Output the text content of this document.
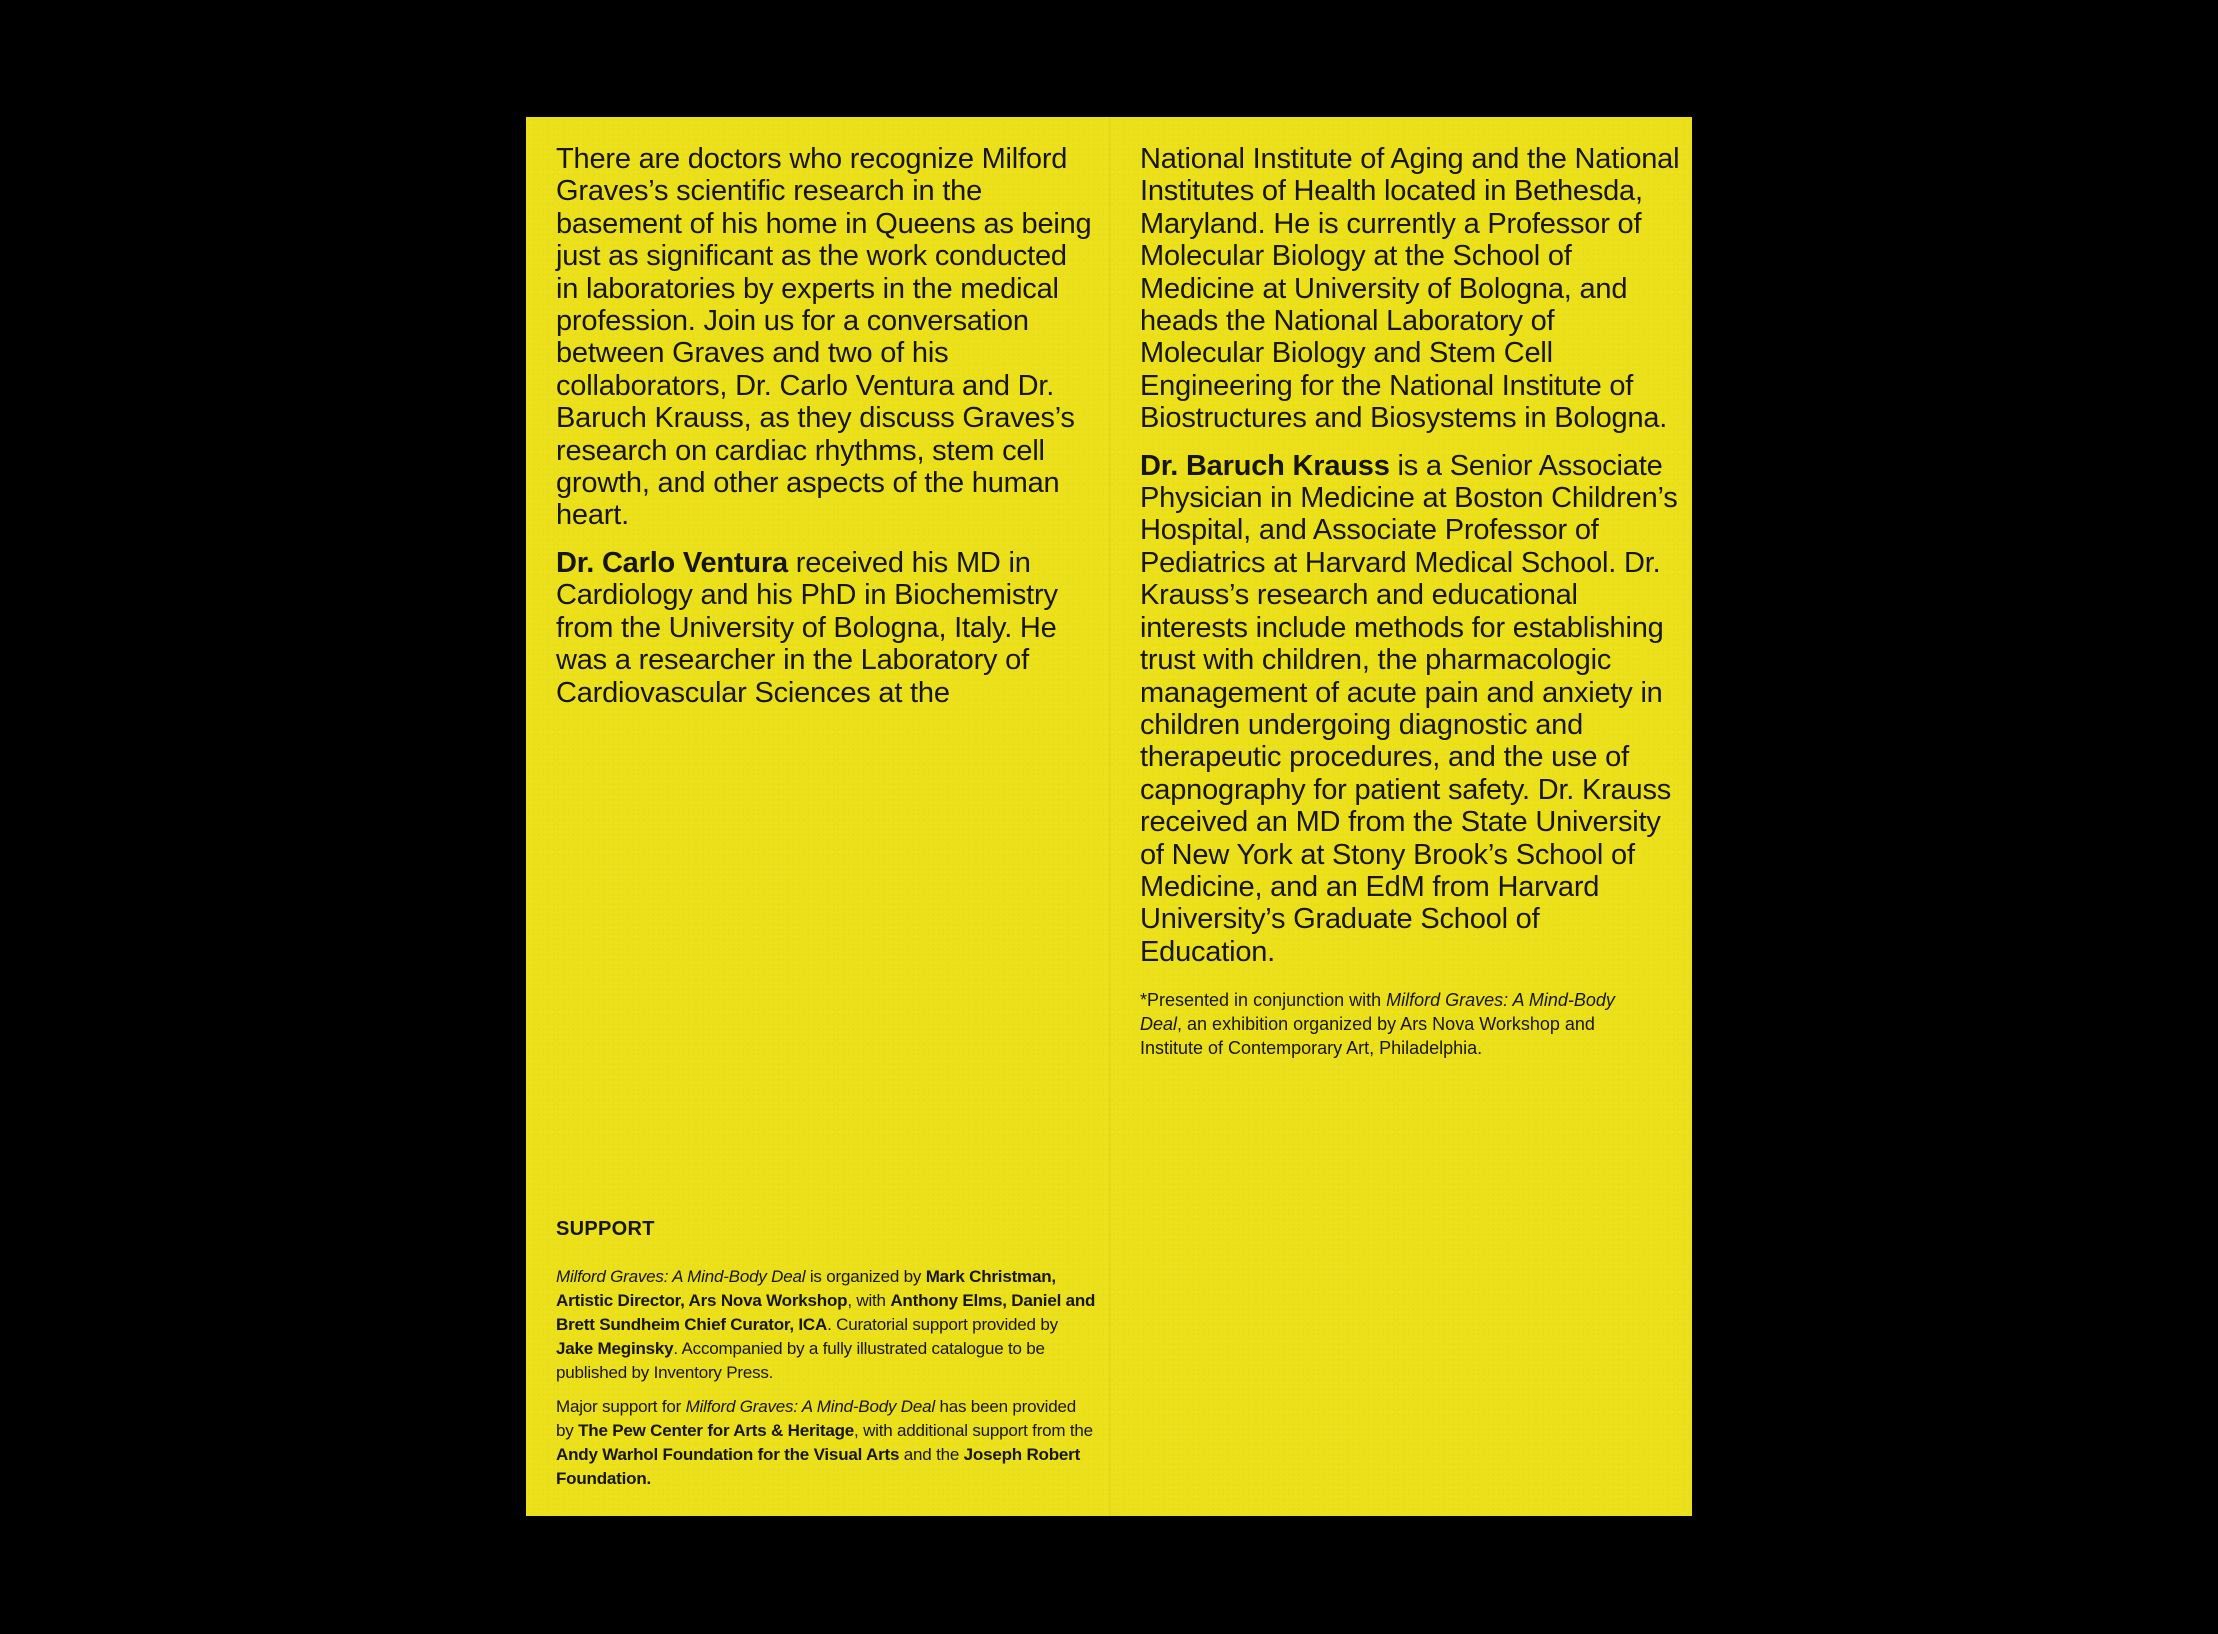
There are doctors who recognize Milford Graves’s scientific research in the basement of his home in Queens as being just as significant as the work conducted in laboratories by experts in the medical profession. Join us for a conversation between Graves and two of his collaborators, Dr. Carlo Ventura and Dr. Baruch Krauss, as they discuss Graves’s research on cardiac rhythms, stem cell growth, and other aspects of the human heart.

Dr. Carlo Ventura received his MD in Cardiology and his PhD in Biochemistry from the University of Bologna, Italy. He was a researcher in the Laboratory of Cardiovascular Sciences at the

National Institute of Aging and the National Institutes of Health located in Bethesda, Maryland. He is currently a Professor of Molecular Biology at the School of Medicine at University of Bologna, and heads the National Laboratory of Molecular Biology and Stem Cell Engineering for the National Institute of Biostructures and Biosystems in Bologna.

Dr. Baruch Krauss is a Senior Associate Physician in Medicine at Boston Children’s Hospital, and Associate Professor of Pediatrics at Harvard Medical School. Dr. Krauss’s research and educational interests include methods for establishing trust with children, the pharmacologic management of acute pain and anxiety in children undergoing diagnostic and therapeutic procedures, and the use of capnography for patient safety. Dr. Krauss received an MD from the State University of New York at Stony Brook’s School of Medicine, and an EdM from Harvard University’s Graduate School of Education.

*Presented in conjunction with Milford Graves: A Mind-Body Deal, an exhibition organized by Ars Nova Workshop and Institute of Contemporary Art, Philadelphia.

SUPPORT

Milford Graves: A Mind-Body Deal is organized by Mark Christman, Artistic Director, Ars Nova Workshop, with Anthony Elms, Daniel and Brett Sundheim Chief Curator, ICA. Curatorial support provided by Jake Meginsky. Accompanied by a fully illustrated catalogue to be published by Inventory Press.

Major support for Milford Graves: A Mind-Body Deal has been provided by The Pew Center for Arts & Heritage, with additional support from the Andy Warhol Foundation for the Visual Arts and the Joseph Robert Foundation.
